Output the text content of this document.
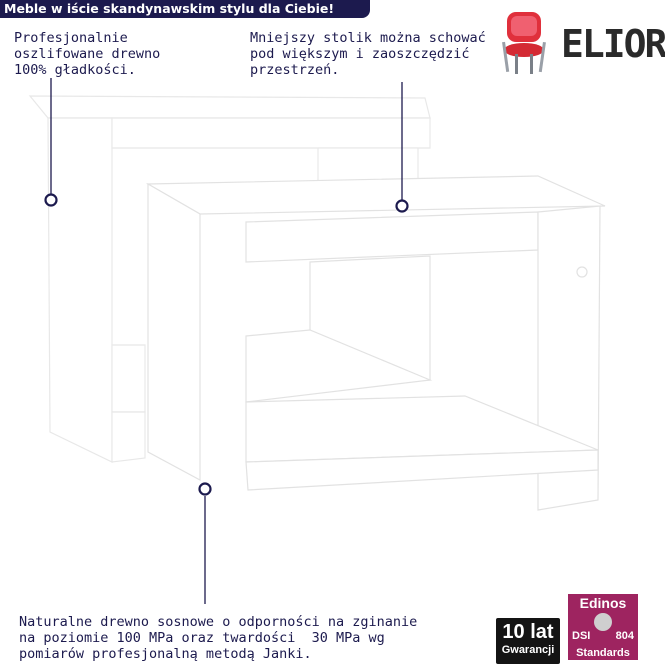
Meble w iście skandynawskim stylu dla Ciebie!
Profesjonalnie
oszlifowane drewno
100% gładkości.
Mniejszy stolik można schować
pod większym i zaoszczędzić
przestrzeń.
Naturalne drewno sosnowe o odporności na zginanie
na poziomie 100 MPa oraz twardości  30 MPa wg
pomiarów profesjonalną metodą Janki.
ELIOR
10 lat
Gwarancji
Edinos
DSI 804
Standards
